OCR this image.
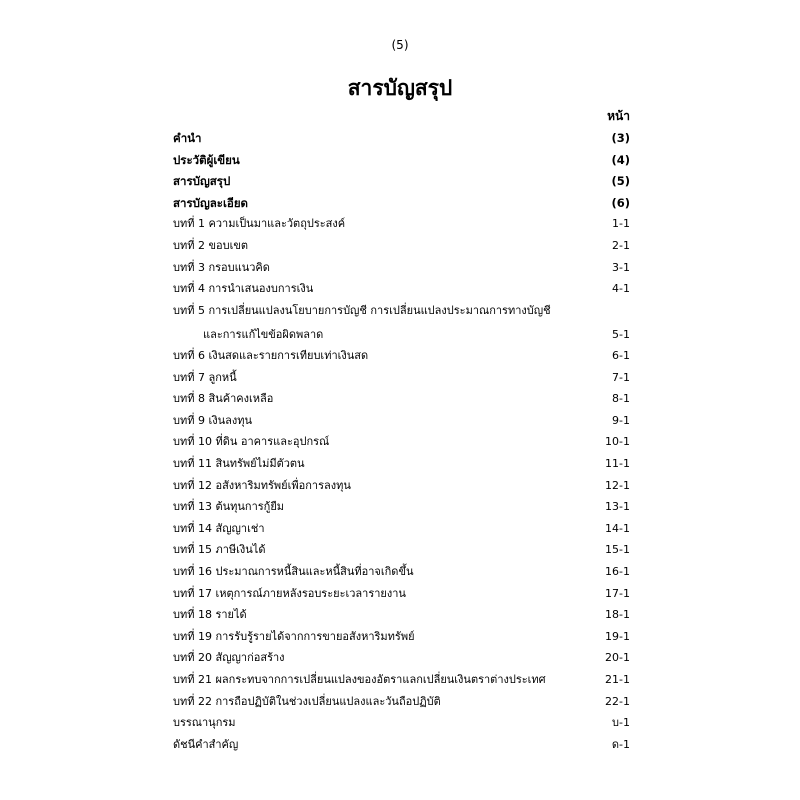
(5)
สารบัญสรุป
หน้า
คำนำ	(3)
ประวัติผู้เขียน	(4)
สารบัญสรุป	(5)
สารบัญละเอียด	(6)
บทที่ 1 ความเป็นมาและวัตถุประสงค์	1-1
บทที่ 2 ขอบเขต	2-1
บทที่ 3 กรอบแนวคิด	3-1
บทที่ 4 การนำเสนองบการเงิน	4-1
บทที่ 5 การเปลี่ยนแปลงนโยบายการบัญชี การเปลี่ยนแปลงประมาณการทางบัญชี
และการแก้ไขข้อผิดพลาด	5-1
บทที่ 6 เงินสดและรายการเทียบเท่าเงินสด	6-1
บทที่ 7 ลูกหนี้	7-1
บทที่ 8 สินค้าคงเหลือ	8-1
บทที่ 9 เงินลงทุน	9-1
บทที่ 10 ที่ดิน อาคารและอุปกรณ์	10-1
บทที่ 11 สินทรัพย์ไม่มีตัวตน	11-1
บทที่ 12 อสังหาริมทรัพย์เพื่อการลงทุน	12-1
บทที่ 13 ต้นทุนการกู้ยืม	13-1
บทที่ 14 สัญญาเช่า	14-1
บทที่ 15 ภาษีเงินได้	15-1
บทที่ 16 ประมาณการหนี้สินและหนี้สินที่อาจเกิดขึ้น	16-1
บทที่ 17 เหตุการณ์ภายหลังรอบระยะเวลารายงาน	17-1
บทที่ 18 รายได้	18-1
บทที่ 19 การรับรู้รายได้จากการขายอสังหาริมทรัพย์	19-1
บทที่ 20 สัญญาก่อสร้าง	20-1
บทที่ 21 ผลกระทบจากการเปลี่ยนแปลงของอัตราแลกเปลี่ยนเงินตราต่างประเทศ	21-1
บทที่ 22 การถือปฏิบัติในช่วงเปลี่ยนแปลงและวันถือปฏิบัติ	22-1
บรรณานุกรม	บ-1
ดัชนีคำสำคัญ	ด-1
